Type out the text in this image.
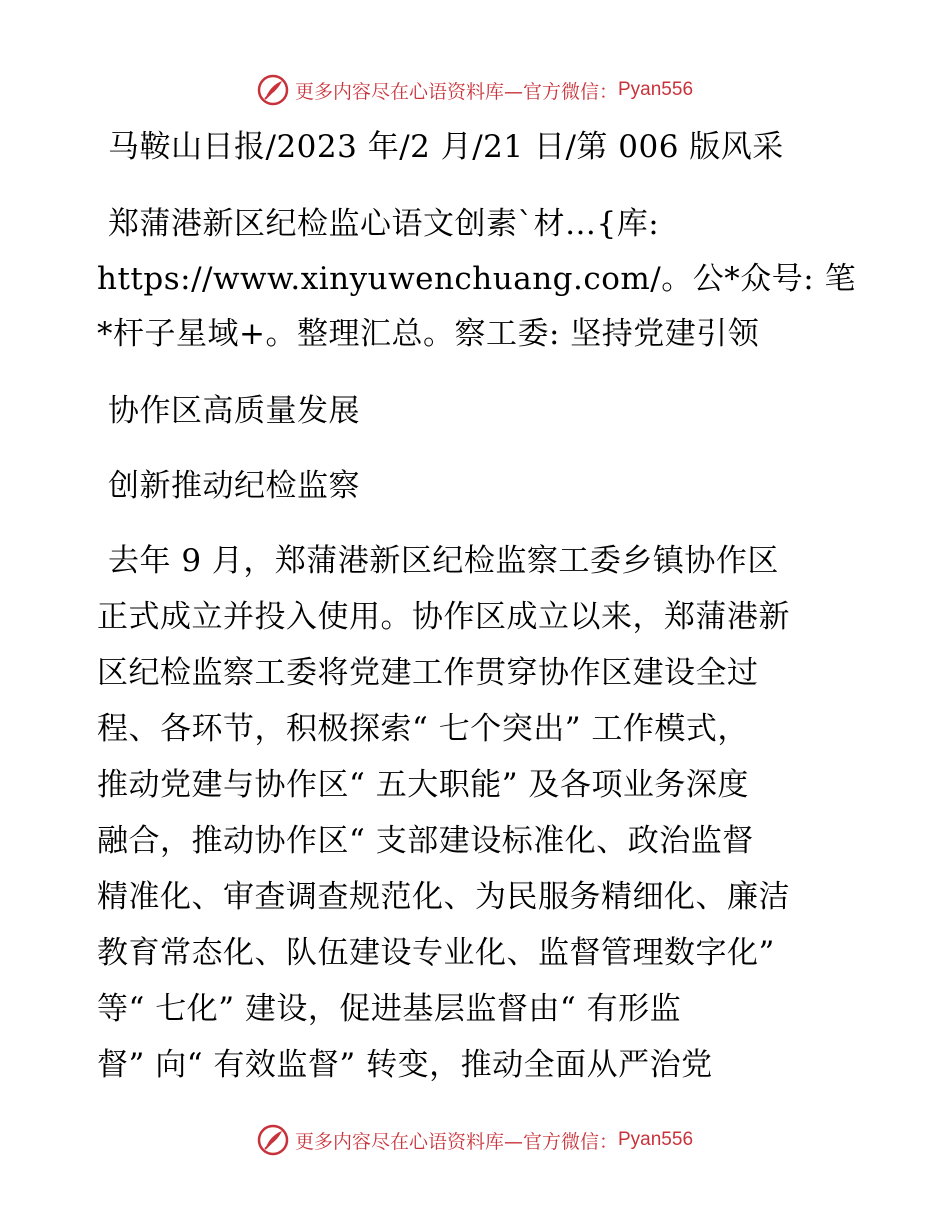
更多内容尽在心语资料库—官方微信： Pyan556
马鞍山日报/2023 年/2 月/21 日/第 006 版风采
郑蒲港新区纪检监心语文创素`材…{库:
https://www.xinyuwenchuang.com/。公*众号: 笔
*杆子星域+。整理汇总。察工委: 坚持党建引领
协作区高质量发展
创新推动纪检监察
去年 9 月，郑蒲港新区纪检监察工委乡镇协作区
正式成立并投入使用。协作区成立以来，郑蒲港新
区纪检监察工委将党建工作贯穿协作区建设全过
程、各环节，积极探索“ 七个突出” 工作模式，
推动党建与协作区“ 五大职能” 及各项业务深度
融合，推动协作区“ 支部建设标准化、政治监督
精准化、审查调查规范化、为民服务精细化、廉洁
教育常态化、队伍建设专业化、监督管理数字化”
等“ 七化” 建设，促进基层监督由“ 有形监
督” 向“ 有效监督” 转变，推动全面从严治党
更多内容尽在心语资料库—官方微信： Pyan556
